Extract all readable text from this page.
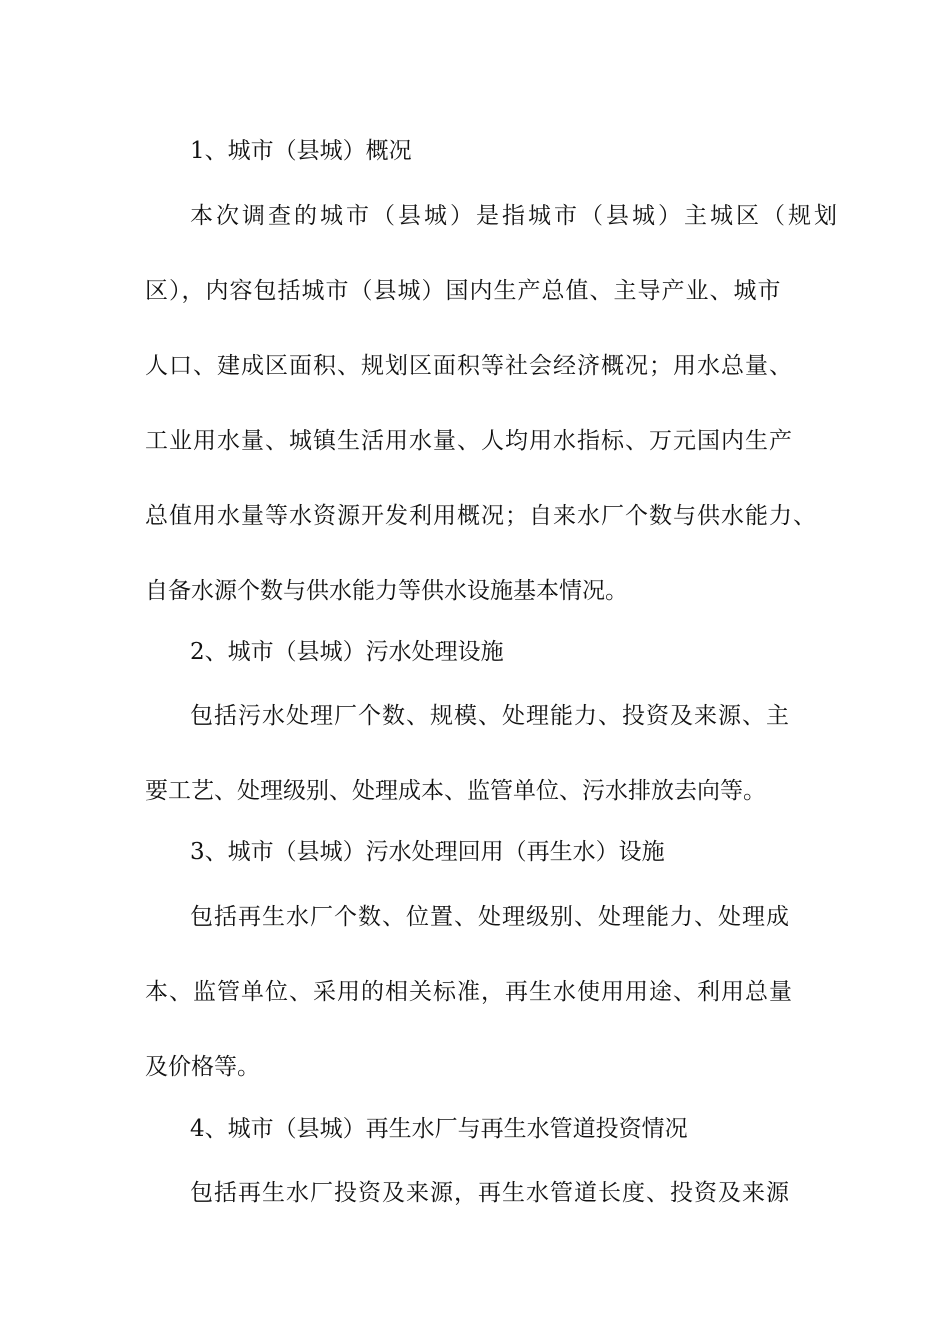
1、城市（县城）概况
本次调查的城市（县城）是指城市（县城）主城区（规划
区），内容包括城市（县城）国内生产总值、主导产业、城市
人口、建成区面积、规划区面积等社会经济概况；用水总量、
工业用水量、城镇生活用水量、人均用水指标、万元国内生产
总值用水量等水资源开发利用概况；自来水厂个数与供水能力、
自备水源个数与供水能力等供水设施基本情况。
2、城市（县城）污水处理设施
包括污水处理厂个数、规模、处理能力、投资及来源、主
要工艺、处理级别、处理成本、监管单位、污水排放去向等。
3、城市（县城）污水处理回用（再生水）设施
包括再生水厂个数、位置、处理级别、处理能力、处理成
本、监管单位、采用的相关标准，再生水使用用途、利用总量
及价格等。
4、城市（县城）再生水厂与再生水管道投资情况
包括再生水厂投资及来源，再生水管道长度、投资及来源
